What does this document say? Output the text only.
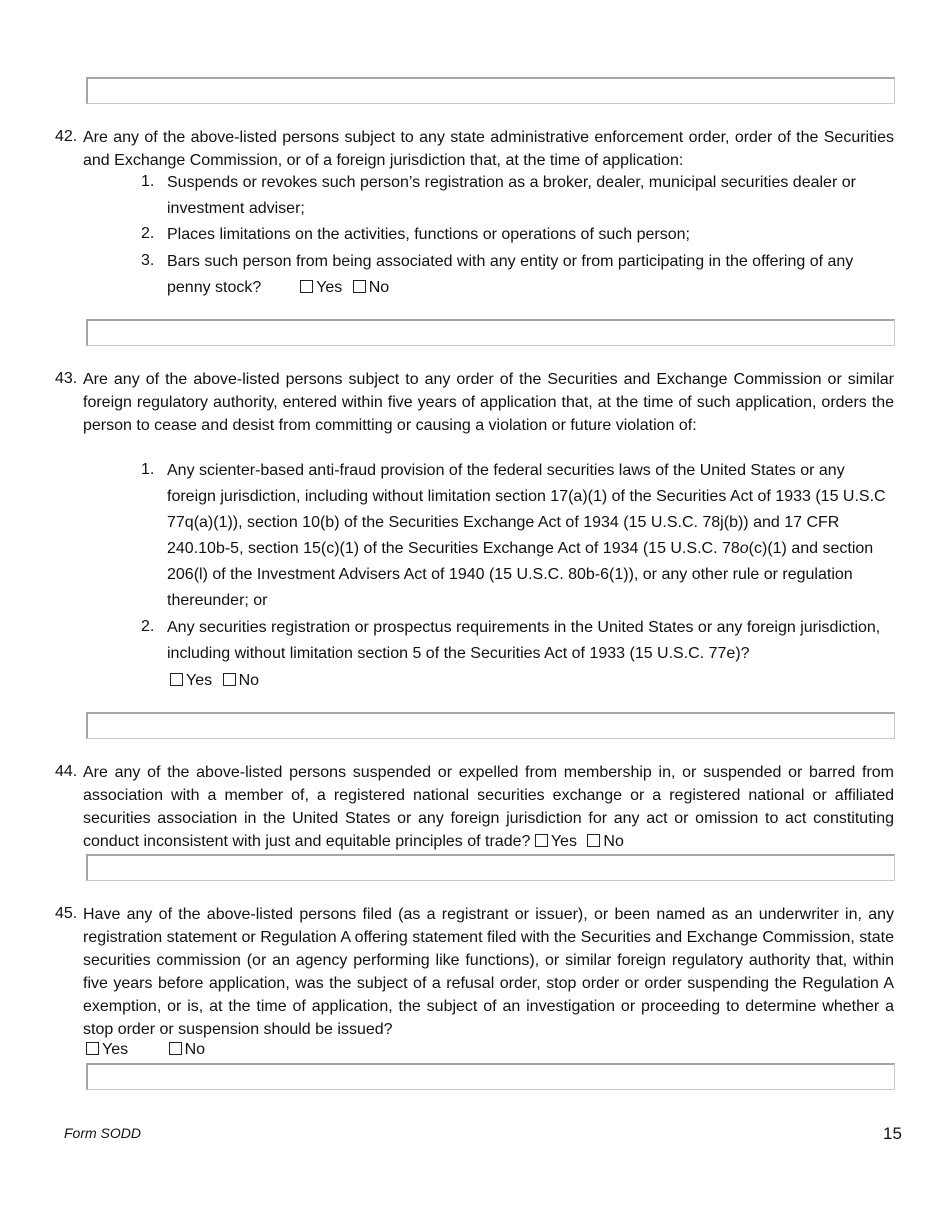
42. Are any of the above-listed persons subject to any state administrative enforcement order, order of the Securities and Exchange Commission, or of a foreign jurisdiction that, at the time of application:
1. Suspends or revokes such person’s registration as a broker, dealer, municipal securities dealer or investment adviser;
2. Places limitations on the activities, functions or operations of such person;
3. Bars such person from being associated with any entity or from participating in the offering of any penny stock?	Yes No
43. Are any of the above-listed persons subject to any order of the Securities and Exchange Commission or similar foreign regulatory authority, entered within five years of application that, at the time of such application, orders the person to cease and desist from committing or causing a violation or future violation of:
1. Any scienter-based anti-fraud provision of the federal securities laws of the United States or any foreign jurisdiction, including without limitation section 17(a)(1) of the Securities Act of 1933 (15 U.S.C 77q(a)(1)), section 10(b) of the Securities Exchange Act of 1934 (15 U.S.C. 78j(b)) and 17 CFR 240.10b-5, section 15(c)(1) of the Securities Exchange Act of 1934 (15 U.S.C. 78o(c)(1) and section 206(l) of the Investment Advisers Act of 1940 (15 U.S.C. 80b-6(1)), or any other rule or regulation thereunder; or
2. Any securities registration or prospectus requirements in the United States or any foreign jurisdiction, including without limitation section 5 of the Securities Act of 1933 (15 U.S.C. 77e)?
Yes No
44. Are any of the above-listed persons suspended or expelled from membership in, or suspended or barred from association with a member of, a registered national securities exchange or a registered national or affiliated securities association in the United States or any foreign jurisdiction for any act or omission to act constituting conduct inconsistent with just and equitable principles of trade? Yes No
45. Have any of the above-listed persons filed (as a registrant or issuer), or been named as an underwriter in, any registration statement or Regulation A offering statement filed with the Securities and Exchange Commission, state securities commission (or an agency performing like functions), or similar foreign regulatory authority that, within five years before application, was the subject of a refusal order, stop order or order suspending the Regulation A exemption, or is, at the time of application, the subject of an investigation or proceeding to determine whether a stop order or suspension should be issued?
Yes	No
Form SODD	15
